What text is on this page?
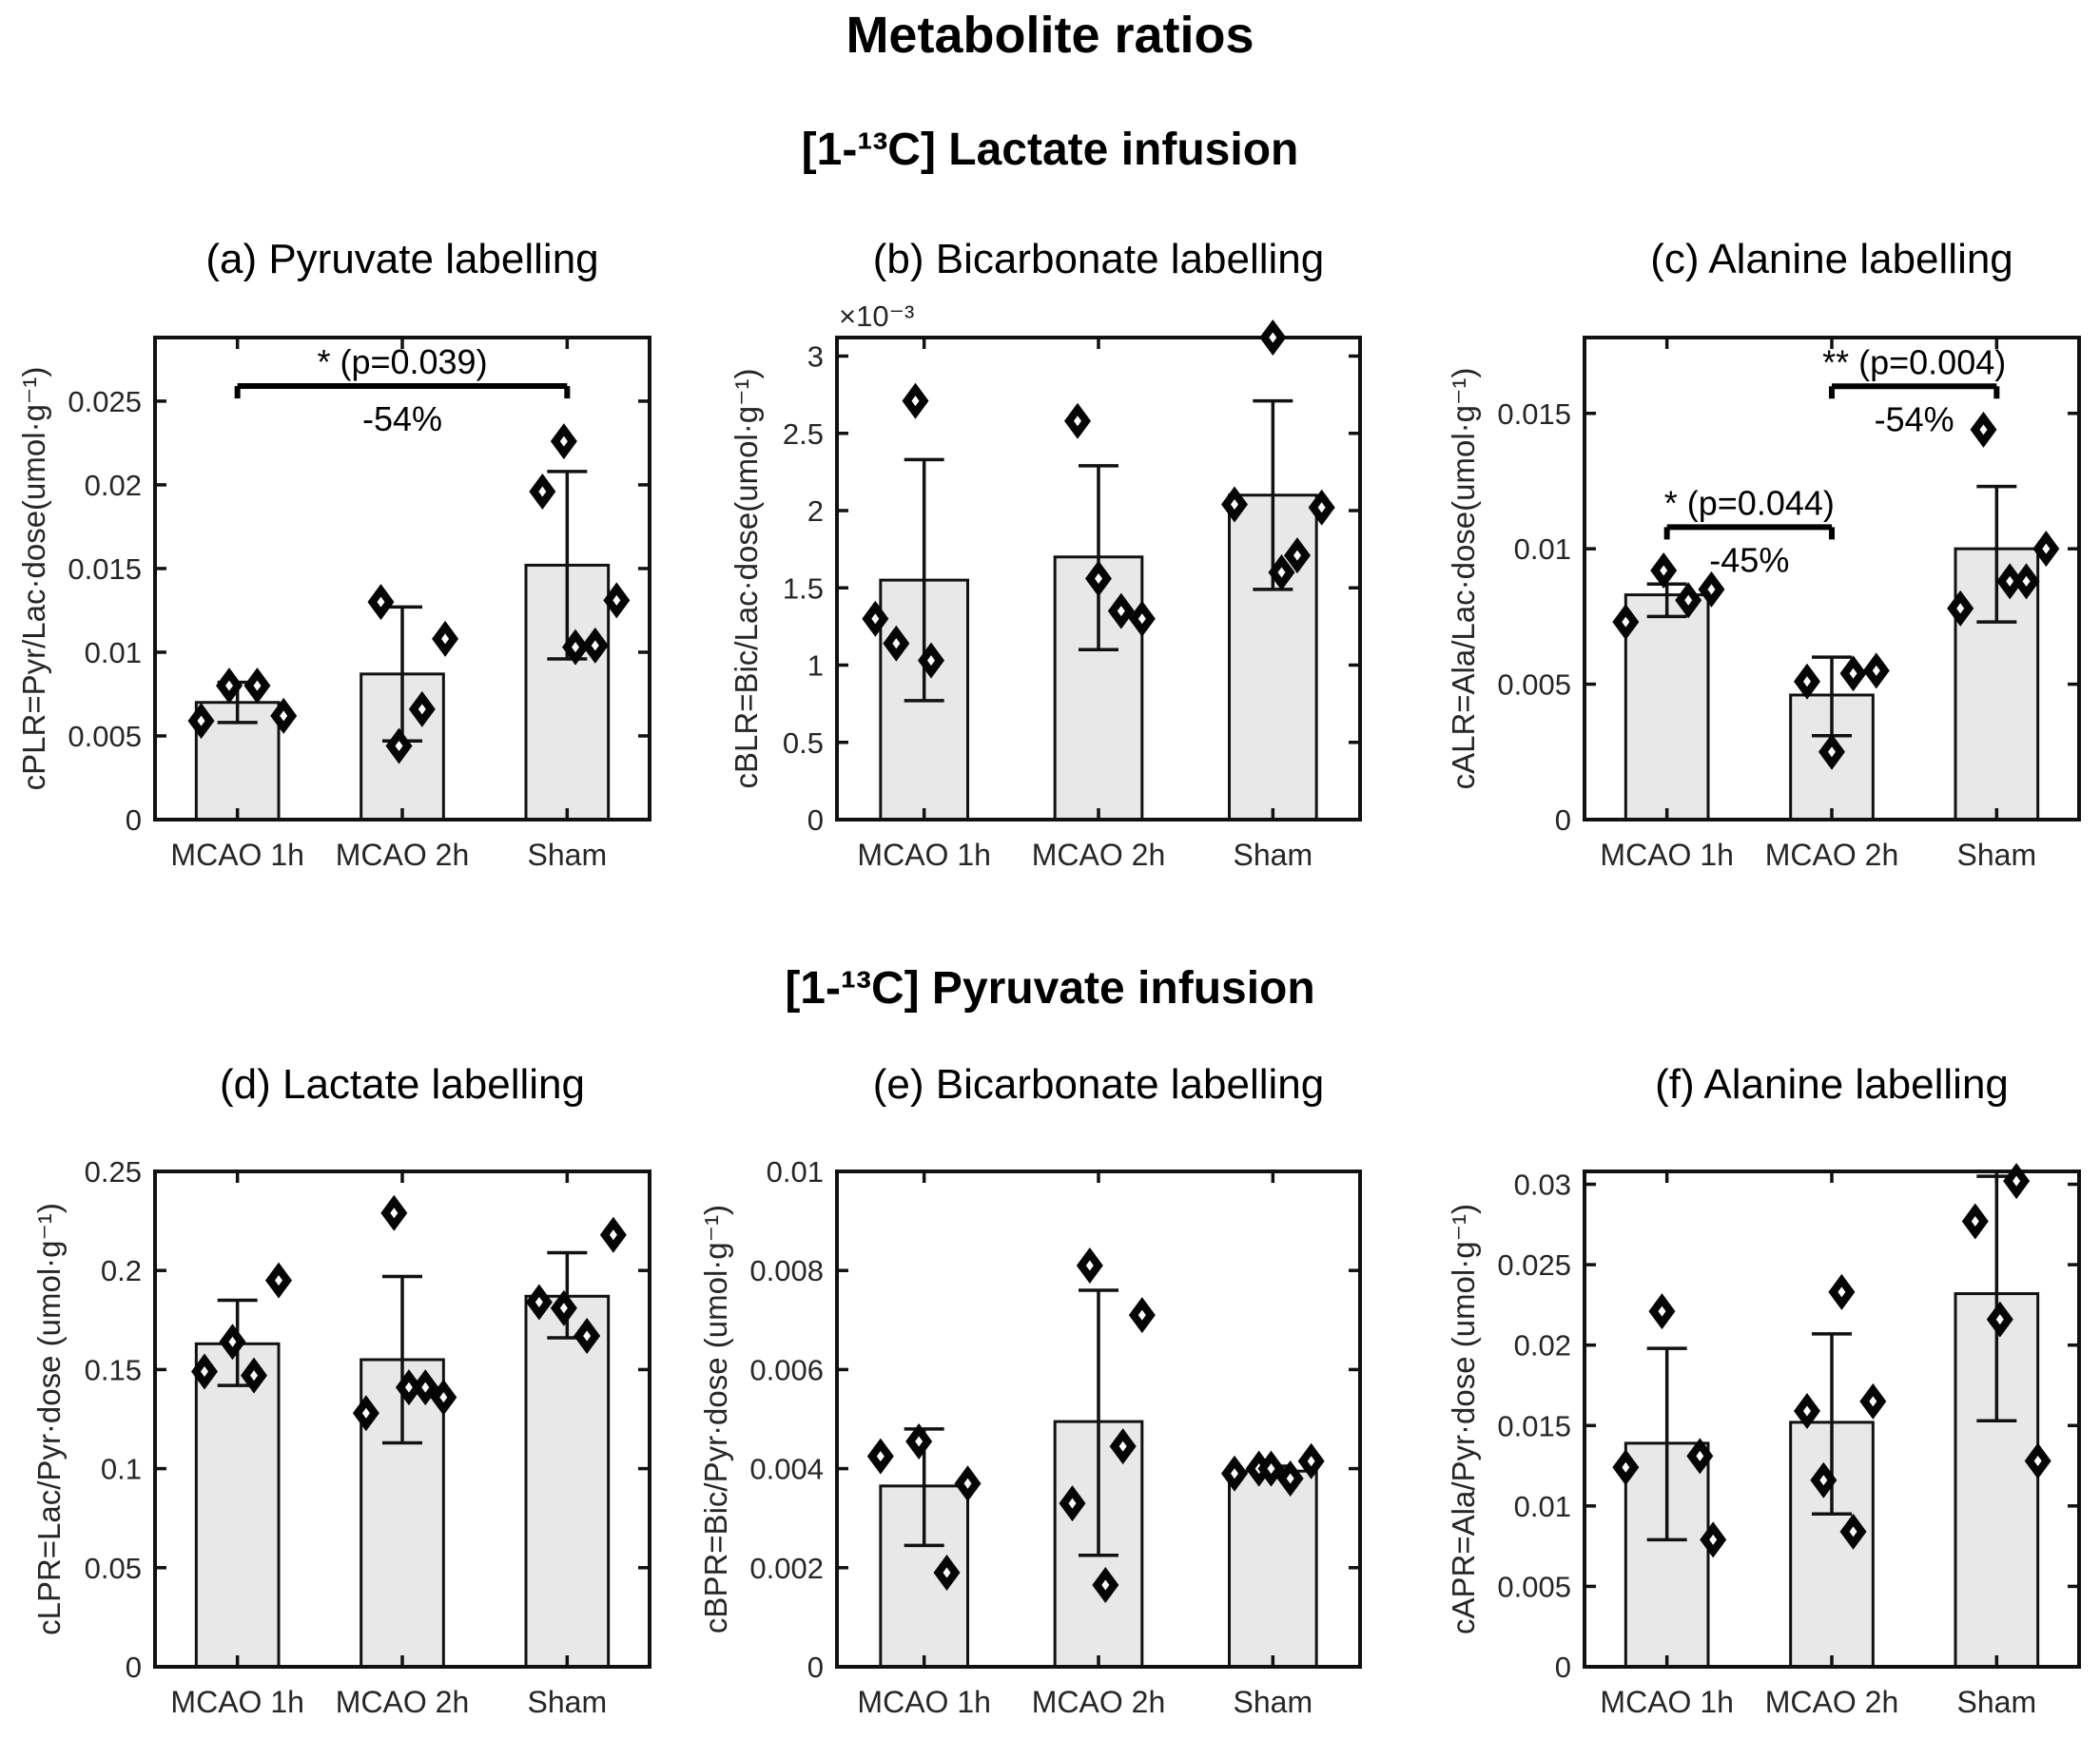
Metabolite ratios
[1-¹³C] Lactate infusion
[1-¹³C] Pyruvate infusion
(a) Pyruvate labelling	(b) Bicarbonate labelling	(c) Alanine labelling
(d) Lactate labelling	(e) Bicarbonate labelling	(f) Alanine labelling
MCAO 1h MCAO 2h Sham
0
0.005
0.01
0.015
0.02
0.025
cPLR=Pyr/Lac·dose(umol·g⁻¹)
* (p=0.039)
-54%
MCAO 1h MCAO 2h Sham
0
0.5
1
1.5
2
2.5
3
cBLR=Bic/Lac·dose(umol·g⁻¹)
×10⁻³
MCAO 1h MCAO 2h Sham
0
0.005
0.01
0.015
cALR=Ala/Lac·dose(umol·g⁻¹)	* (p=0.044)
-45%
** (p=0.004)
-54%
MCAO 1h MCAO 2h Sham
0
0.05
0.1
0.15
0.2
0.25
cLPR=Lac/Pyr·dose (umol·g⁻¹)
MCAO 1h MCAO 2h Sham
0
0.002
0.004
0.006
0.008
0.01
cBPR=Bic/Pyr·dose (umol·g⁻¹)
MCAO 1h MCAO 2h Sham
0
0.005
0.01
0.015
0.02
0.025
0.03
cAPR=Ala/Pyr·dose (umol·g⁻¹)
